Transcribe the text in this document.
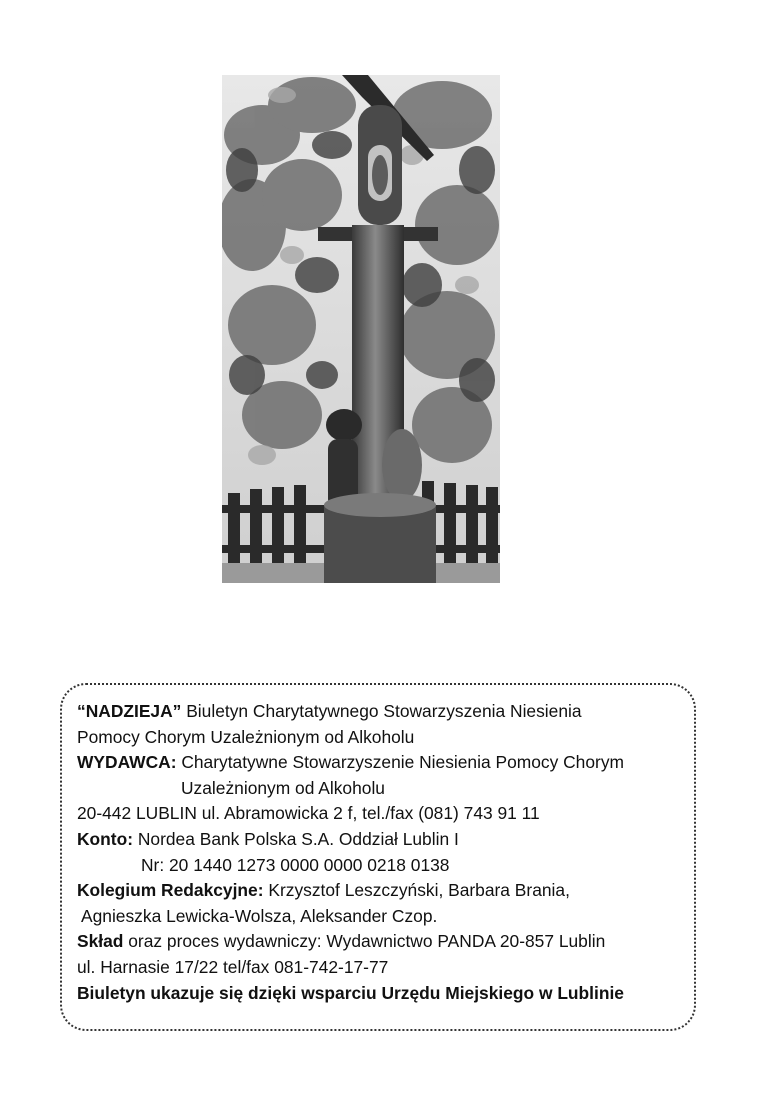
“NADZIEJA” Biuletyn Charytatywnego Stowarzyszenia Niesienia
Pomocy Chorym Uzależnionym od Alkoholu
WYDAWCA: Charytatywne Stowarzyszenie Niesienia Pomocy Chorym
Uzależnionym od Alkoholu
20-442 LUBLIN ul. Abramowicka 2 f, tel./fax (081) 743 91 11
Konto: Nordea Bank Polska S.A. Oddział Lublin I
Nr: 20 1440 1273 0000 0000 0218 0138
Kolegium Redakcyjne: Krzysztof Leszczyński, Barbara Brania,
Agnieszka Lewicka-Wolsza, Aleksander Czop.
Skład oraz proces wydawniczy: Wydawnictwo PANDA 20-857 Lublin
ul. Harnasie 17/22 tel/fax 081-742-17-77
Biuletyn ukazuje się dzięki wsparciu Urzędu Miejskiego w Lublinie
